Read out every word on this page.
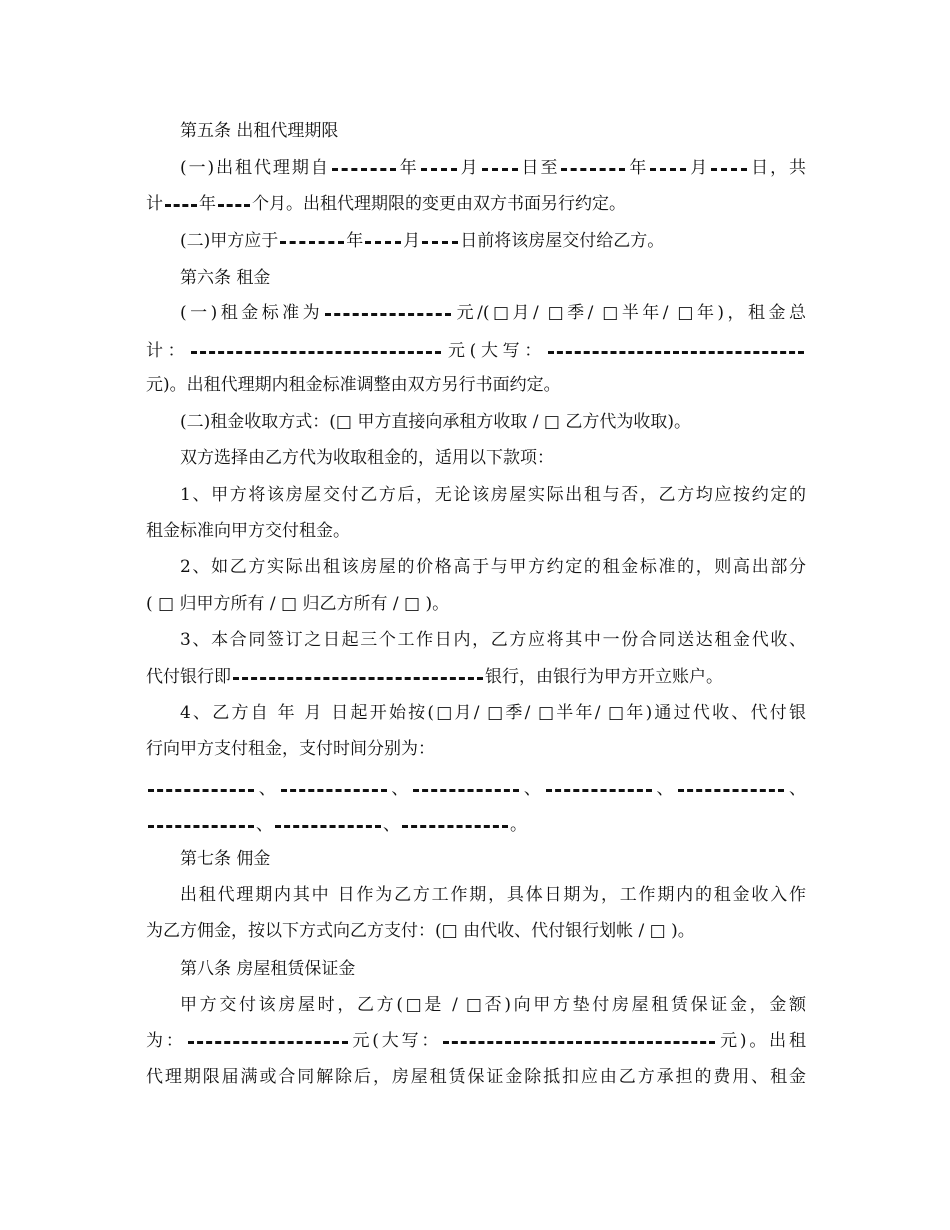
第五条 出租代理期限
(一)出租代理期自	年 月 日至	年 月 日，共
计 年 个月。出租代理期限的变更由双方书面另行约定。
(二)甲方应于	年 月 日前将该房屋交付给乙方。
第六条 租金
(一)租金标准为	元/(□月/ □季/ □半年/ □年)，租金总
计：	元(大写：
元)。出租代理期内租金标准调整由双方另行书面约定。
(二)租金收取方式：(□ 甲方直接向承租方收取 / □ 乙方代为收取)。
双方选择由乙方代为收取租金的，适用以下款项：
1、甲方将该房屋交付乙方后，无论该房屋实际出租与否，乙方均应按约定的
租金标准向甲方交付租金。
2、如乙方实际出租该房屋的价格高于与甲方约定的租金标准的，则高出部分
( □ 归甲方所有 / □ 归乙方所有 / □ )。
3、本合同签订之日起三个工作日内，乙方应将其中一份合同送达租金代收、
代付银行即	银行，由银行为甲方开立账户。
4、乙方自 年 月 日起开始按(□月/ □季/ □半年/ □年)通过代收、代付银
行向甲方支付租金，支付时间分别为：
、	、	、	、	、
、	、	。
第七条 佣金
出租代理期内其中 日作为乙方工作期，具体日期为，工作期内的租金收入作
为乙方佣金，按以下方式向乙方支付：(□ 由代收、代付银行划帐 / □ )。
第八条 房屋租赁保证金
甲方交付该房屋时，乙方(□是 / □否)向甲方垫付房屋租赁保证金，金额
为：	元(大写：	元)。出租
代理期限届满或合同解除后，房屋租赁保证金除抵扣应由乙方承担的费用、租金
